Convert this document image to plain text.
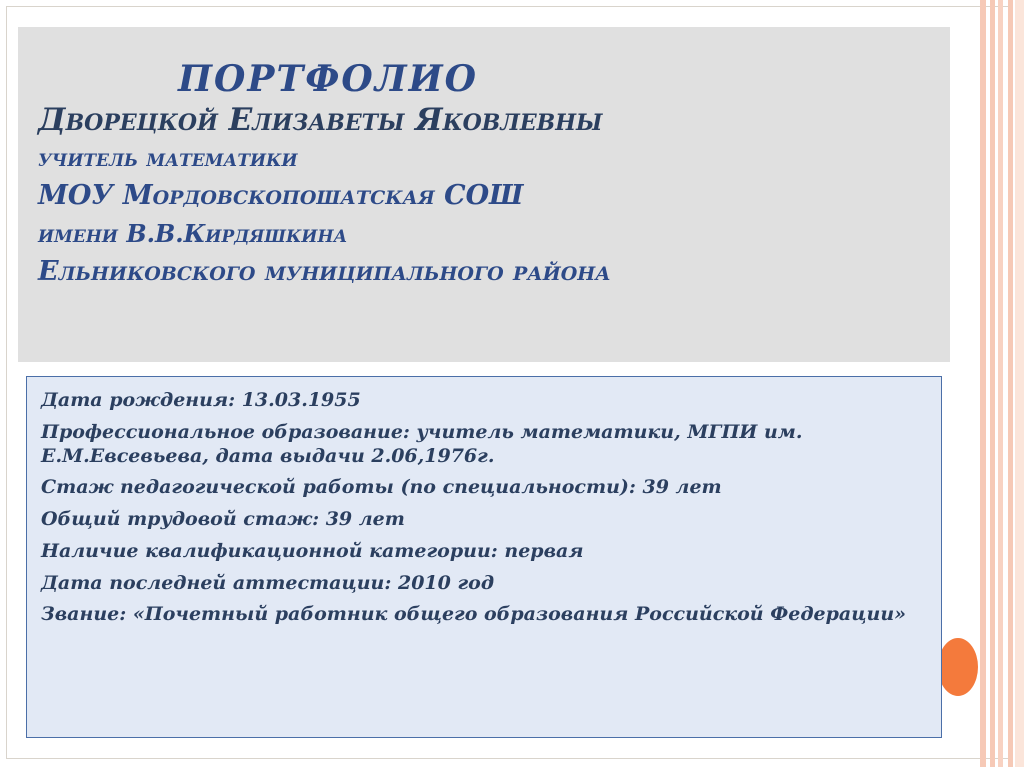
ПОРТФОЛИО
Дворецкой Елизаветы Яковлевны
учитель математики
МОУ Мордовскопошатская СОШ
имени В.В.Кирдяшкина
Ельниковского муниципального района
Дата рождения: 13.03.1955
Профессиональное образование: учитель математики, МГПИ им. Е.М.Евсевьева, дата выдачи 2.06,1976г.
Стаж педагогической работы (по специальности): 39 лет
Общий трудовой стаж: 39 лет
Наличие квалификационной категории: первая
Дата последней аттестации: 2010 год
Звание: «Почетный работник общего образования Российской Федерации»
